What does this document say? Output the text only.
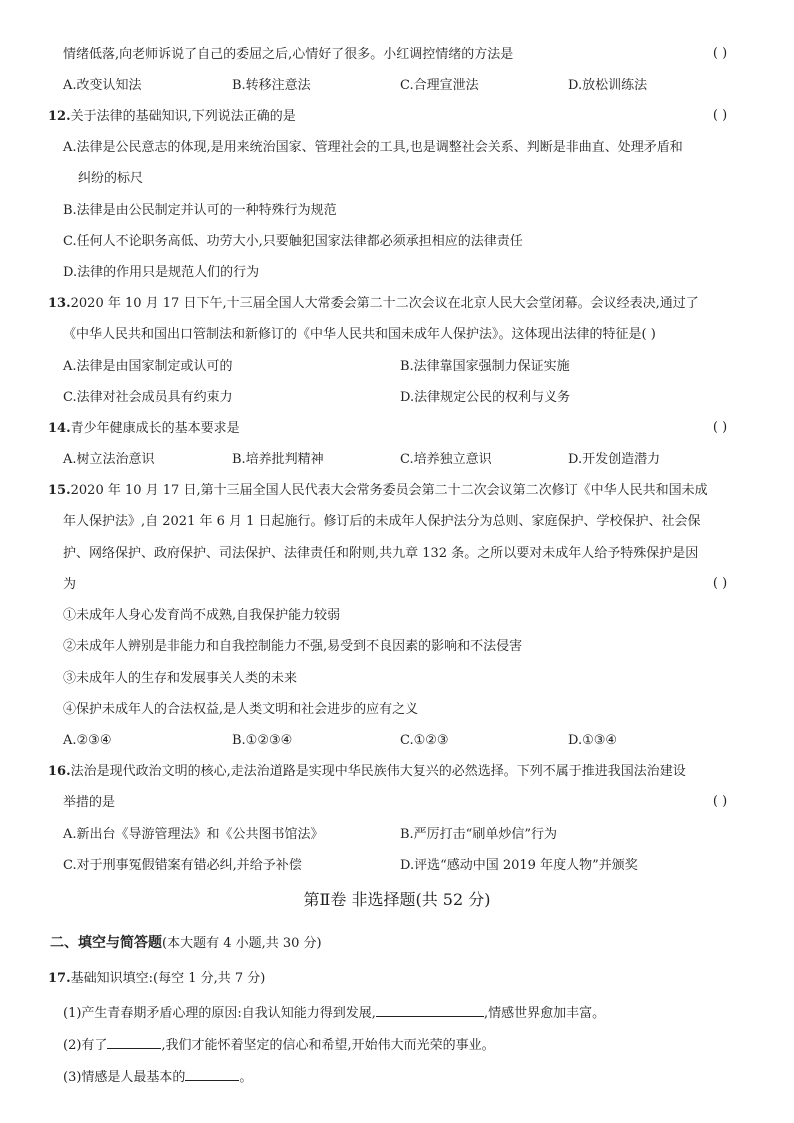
情绪低落,向老师诉说了自己的委屈之后,心情好了很多。小红调控情绪的方法是	( )
A.改变认知法	B.转移注意法	C.合理宣泄法	D.放松训练法
12.关于法律的基础知识,下列说法正确的是	( )
A.法律是公民意志的体现,是用来统治国家、管理社会的工具,也是调整社会关系、判断是非曲直、处理矛盾和
纠纷的标尺
B.法律是由公民制定并认可的一种特殊行为规范
C.任何人不论职务高低、功劳大小,只要触犯国家法律都必须承担相应的法律责任
D.法律的作用只是规范人们的行为
13.2020 年 10 月 17 日下午,十三届全国人大常委会第二十二次会议在北京人民大会堂闭幕。会议经表决,通过了
《中华人民共和国出口管制法和新修订的《中华人民共和国未成年人保护法》。这体现出法律的特征是( )
A.法律是由国家制定或认可的	B.法律靠国家强制力保证实施
C.法律对社会成员具有约束力	D.法律规定公民的权利与义务
14.青少年健康成长的基本要求是	( )
A.树立法治意识	B.培养批判精神	C.培养独立意识	D.开发创造潜力
15.2020 年 10 月 17 日,第十三届全国人民代表大会常务委员会第二十二次会议第二次修订《中华人民共和国未成
年人保护法》,自 2021 年 6 月 1 日起施行。修订后的未成年人保护法分为总则、家庭保护、学校保护、社会保
护、网络保护、政府保护、司法保护、法律责任和附则,共九章 132 条。之所以要对未成年人给予特殊保护是因
为	( )
①未成年人身心发育尚不成熟,自我保护能力较弱
②未成年人辨别是非能力和自我控制能力不强,易受到不良因素的影响和不法侵害
③未成年人的生存和发展事关人类的未来
④保护未成年人的合法权益,是人类文明和社会进步的应有之义
A.②③④	B.①②③④	C.①②③	D.①③④
16.法治是现代政治文明的核心,走法治道路是实现中华民族伟大复兴的必然选择。下列不属于推进我国法治建设
举措的是	( )
A.新出台《导游管理法》和《公共图书馆法》	B.严厉打击“刷单炒信”行为
C.对于刑事冤假错案有错必纠,并给予补偿	D.评选“感动中国 2019 年度人物”并颁奖
第Ⅱ卷 非选择题(共 52 分)
二、填空与简答题(本大题有 4 小题,共 30 分)
17.基础知识填空:(每空 1 分,共 7 分)
(1)产生青春期矛盾心理的原因:自我认知能力得到发展,	,情感世界愈加丰富。
(2)有了	,我们才能怀着坚定的信心和希望,开始伟大而光荣的事业。
(3)情感是人最基本的	。
